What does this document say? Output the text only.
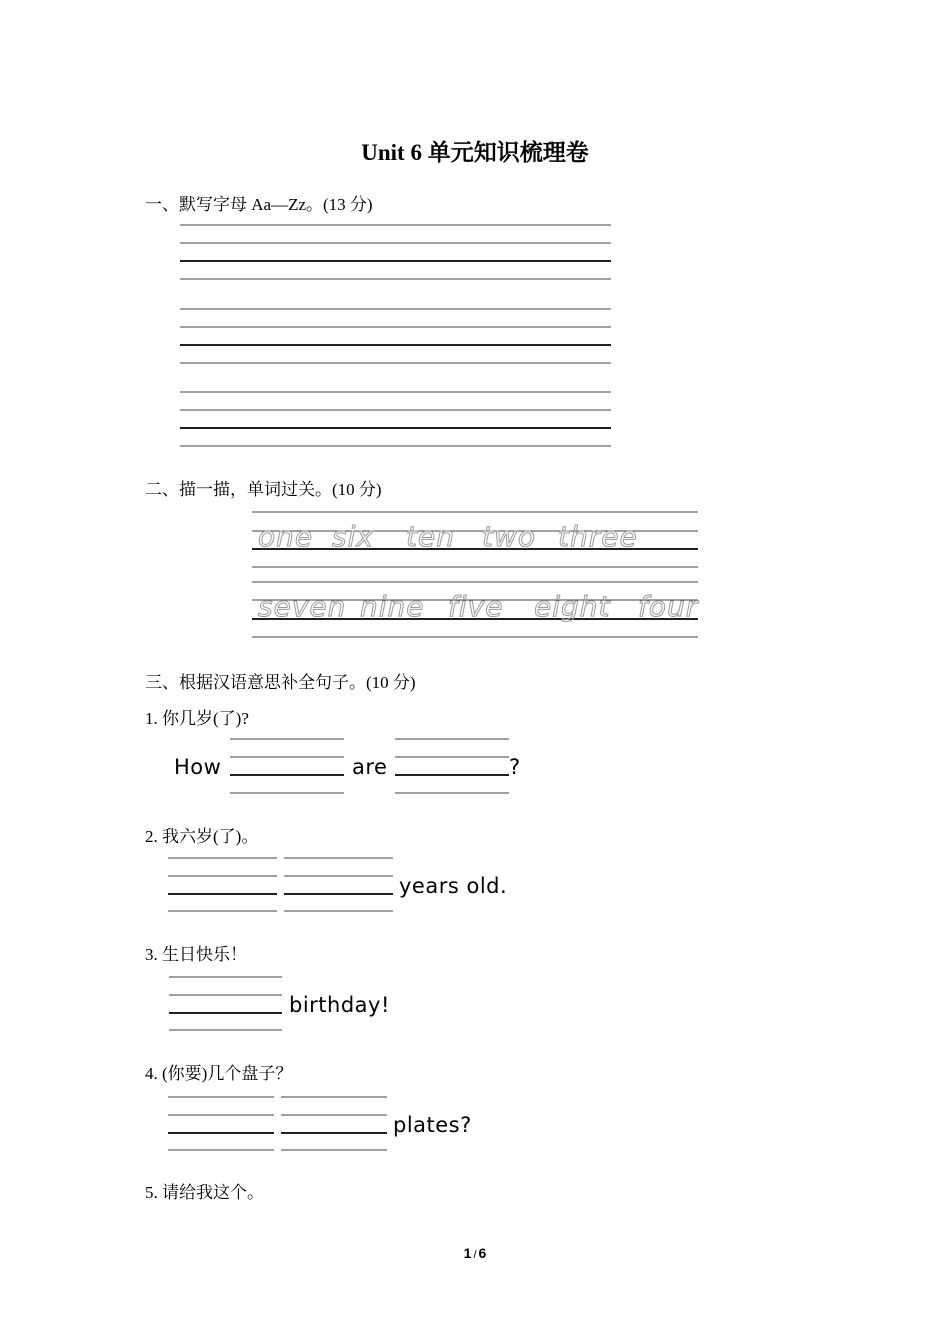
Unit 6 单元知识梳理卷
一、默写字母 Aa—Zz。(13 分)
二、描一描，单词过关。(10 分)
one six ten two three
seven nine five eight four
三、根据汉语意思补全句子。(10 分)
1. 你几岁(了)?
How	are	?
2. 我六岁(了)。
years old.
3. 生日快乐！
birthday!
4. (你要)几个盘子？
plates?
5. 请给我这个。
1 / 6
